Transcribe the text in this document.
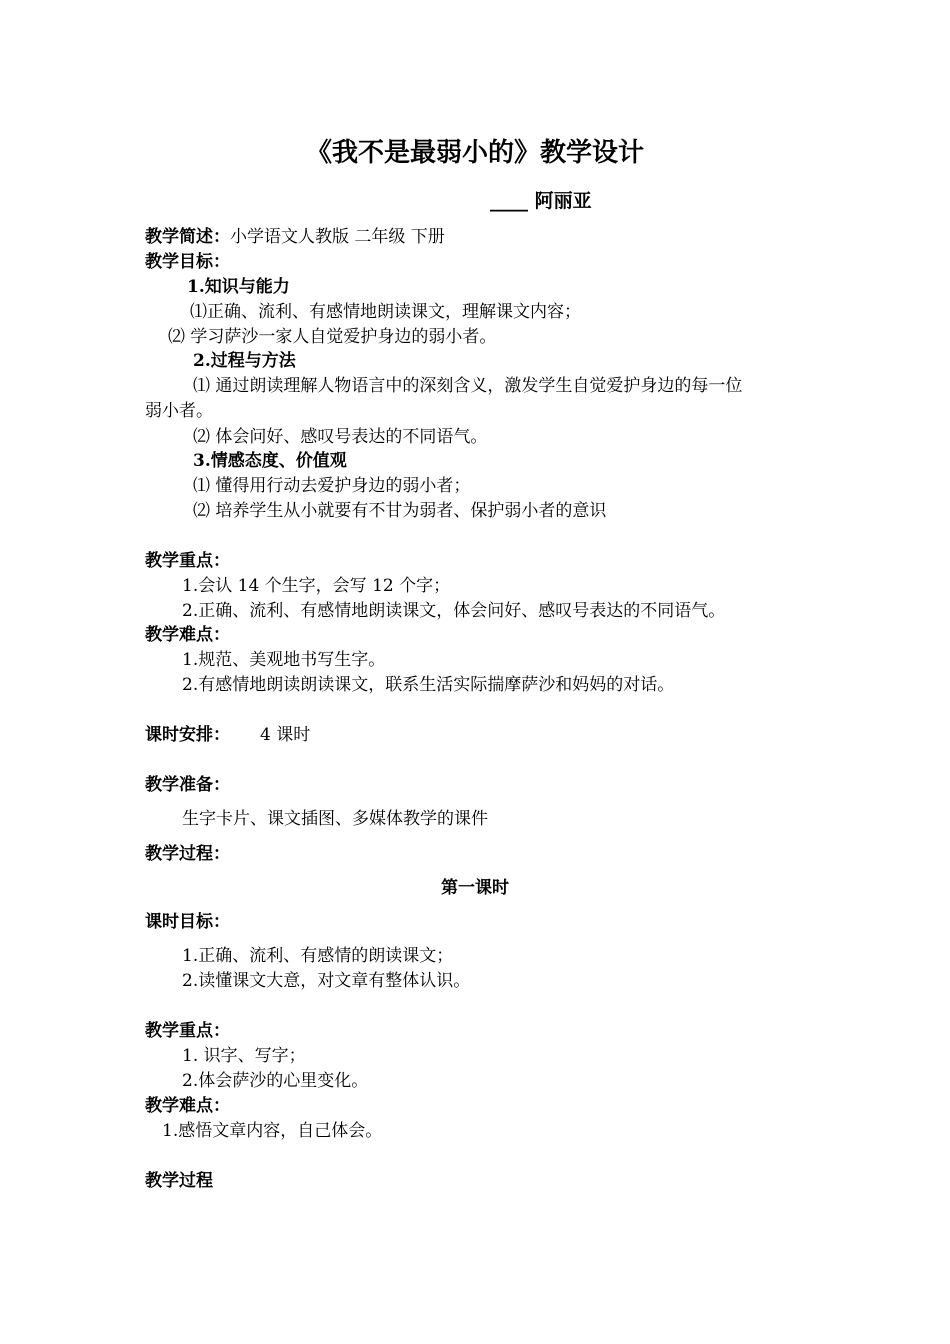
《我不是最弱小的》教学设计
____ 阿丽亚
教学简述：小学语文人教版 二年级 下册
教学目标：
1.知识与能力
⑴正确、流利、有感情地朗读课文，理解课文内容；
⑵ 学习萨沙一家人自觉爱护身边的弱小者。
2.过程与方法
⑴ 通过朗读理解人物语言中的深刻含义，激发学生自觉爱护身边的每一位
弱小者。
⑵ 体会问好、感叹号表达的不同语气。
3.情感态度、价值观
⑴ 懂得用行动去爱护身边的弱小者；
⑵ 培养学生从小就要有不甘为弱者、保护弱小者的意识
教学重点：
1.会认 14 个生字，会写 12 个字；
2.正确、流利、有感情地朗读课文，体会问好、感叹号表达的不同语气。
教学难点：
1.规范、美观地书写生字。
2.有感情地朗读朗读课文，联系生活实际揣摩萨沙和妈妈的对话。
课时安排： 4 课时
教学准备：
生字卡片、课文插图、多媒体教学的课件
教学过程：
第一课时
课时目标：
1.正确、流利、有感情的朗读课文；
2.读懂课文大意，对文章有整体认识。
教学重点：
1. 识字、写字；
2.体会萨沙的心里变化。
教学难点：
1.感悟文章内容，自己体会。
教学过程
